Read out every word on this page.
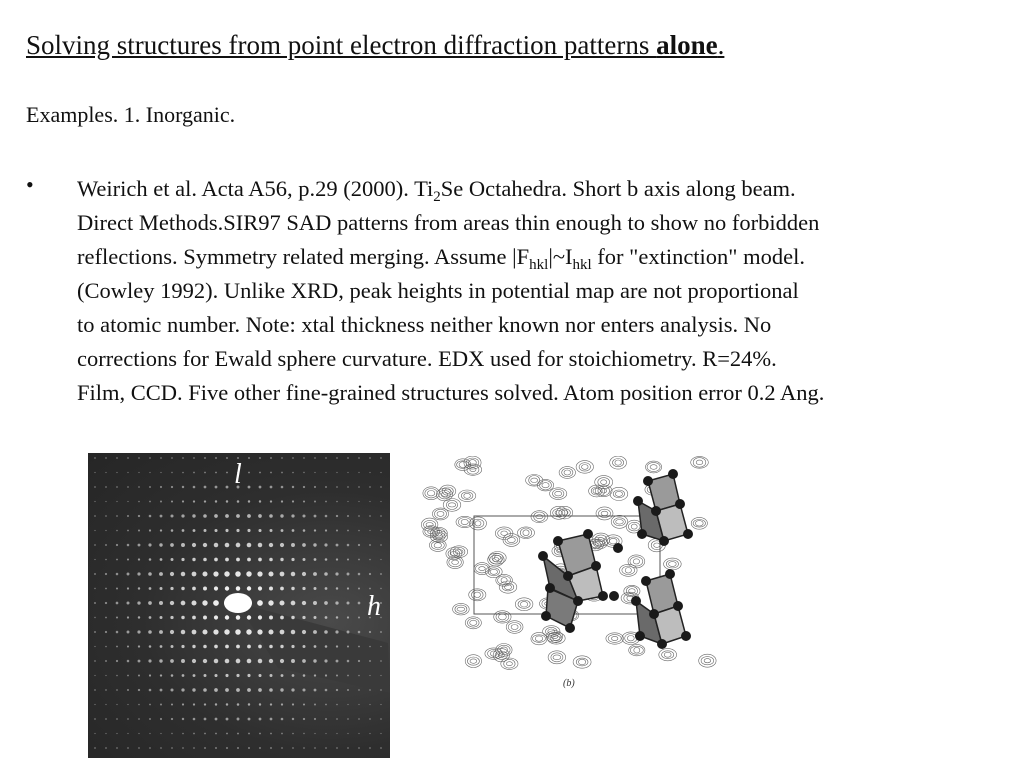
Solving structures from point electron diffraction patterns alone.
Examples. 1. Inorganic.
• Weirich et al. Acta A56, p.29 (2000). $Ti_2Se$ Octahedra. Short b axis along beam.
Direct Methods.SIR97 SAD patterns from areas thin enough to show no forbidden
reflections. Symmetry related merging. Assume $|F_{hkl}|\sim I_{hkl}$ for "extinction" model.
(Cowley 1992). Unlike XRD, peak heights in potential map are not proportional
to atomic number. Note: xtal thickness neither known nor enters analysis. No
corrections for Ewald sphere curvature. EDX used for stoichiometry. R=24%.
Film, CCD. Five other fine-grained structures solved. Atom position error 0.2 Ang.
l
h
(b)
